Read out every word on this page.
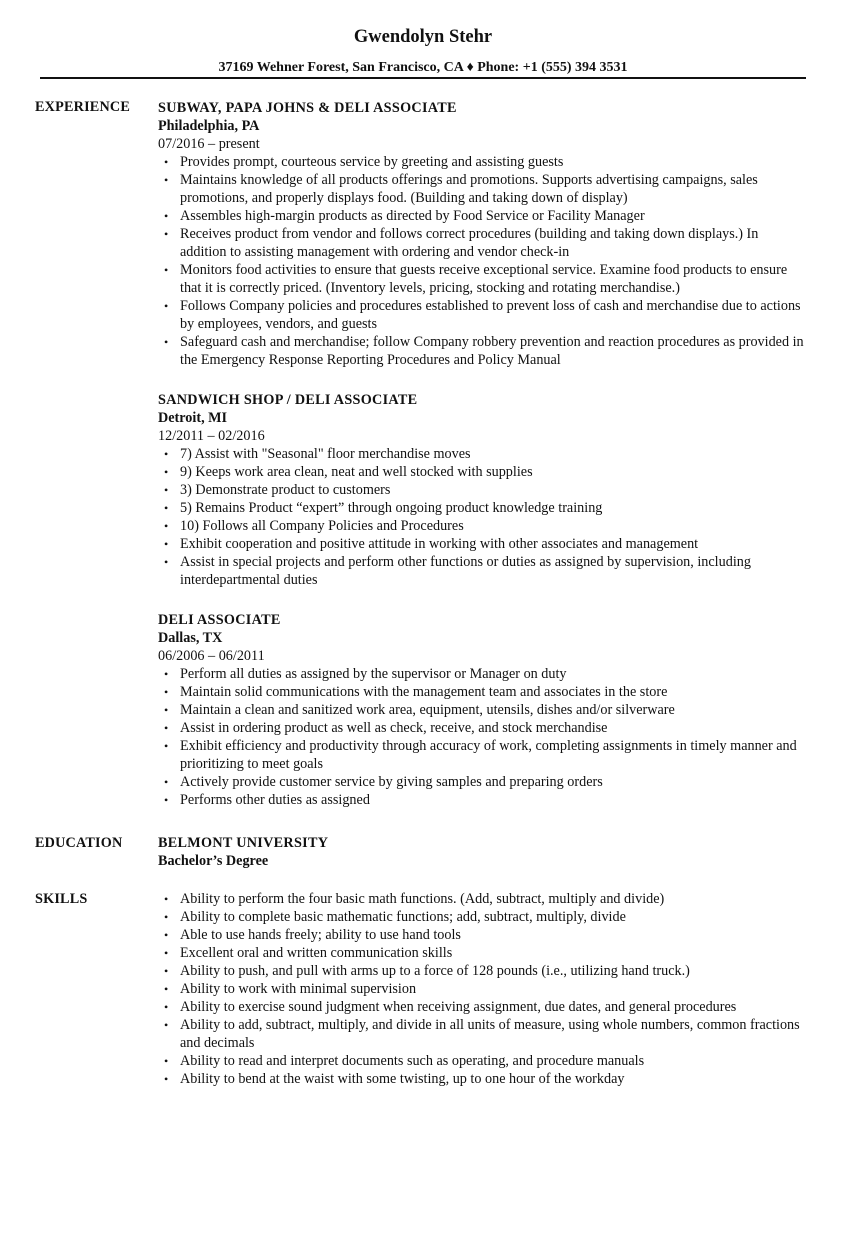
Gwendolyn Stehr
37169 Wehner Forest, San Francisco, CA ♦ Phone: +1 (555) 394 3531
EXPERIENCE SUBWAY, PAPA JOHNS & DELI ASSOCIATE
Philadelphia, PA
07/2016 – present
• Provides prompt, courteous service by greeting and assisting guests
• Maintains knowledge of all products offerings and promotions. Supports advertising campaigns, sales promotions, and properly displays food. (Building and taking down of display)
• Assembles high-margin products as directed by Food Service or Facility Manager
• Receives product from vendor and follows correct procedures (building and taking down displays.) In addition to assisting management with ordering and vendor check-in
• Monitors food activities to ensure that guests receive exceptional service. Examine food products to ensure that it is correctly priced. (Inventory levels, pricing, stocking and rotating merchandise.)
• Follows Company policies and procedures established to prevent loss of cash and merchandise due to actions by employees, vendors, and guests
• Safeguard cash and merchandise; follow Company robbery prevention and reaction procedures as provided in the Emergency Response Reporting Procedures and Policy Manual
SANDWICH SHOP / DELI ASSOCIATE
Detroit, MI
12/2011 – 02/2016
• 7) Assist with "Seasonal" floor merchandise moves
• 9) Keeps work area clean, neat and well stocked with supplies
• 3) Demonstrate product to customers
• 5) Remains Product “expert” through ongoing product knowledge training
• 10) Follows all Company Policies and Procedures
• Exhibit cooperation and positive attitude in working with other associates and management
• Assist in special projects and perform other functions or duties as assigned by supervision, including interdepartmental duties
DELI ASSOCIATE
Dallas, TX
06/2006 – 06/2011
• Perform all duties as assigned by the supervisor or Manager on duty
• Maintain solid communications with the management team and associates in the store
• Maintain a clean and sanitized work area, equipment, utensils, dishes and/or silverware
• Assist in ordering product as well as check, receive, and stock merchandise
• Exhibit efficiency and productivity through accuracy of work, completing assignments in timely manner and prioritizing to meet goals
• Actively provide customer service by giving samples and preparing orders
• Performs other duties as assigned
EDUCATION	BELMONT UNIVERSITY
Bachelor’s Degree
SKILLS
•	Ability to perform the four basic math functions. (Add, subtract, multiply and divide)
• Ability to complete basic mathematic functions; add, subtract, multiply, divide
• Able to use hands freely; ability to use hand tools
• Excellent oral and written communication skills
• Ability to push, and pull with arms up to a force of 128 pounds (i.e., utilizing hand truck.)
• Ability to work with minimal supervision
• Ability to exercise sound judgment when receiving assignment, due dates, and general procedures
• Ability to add, subtract, multiply, and divide in all units of measure, using whole numbers, common fractions and decimals
• Ability to read and interpret documents such as operating, and procedure manuals
• Ability to bend at the waist with some twisting, up to one hour of the workday
